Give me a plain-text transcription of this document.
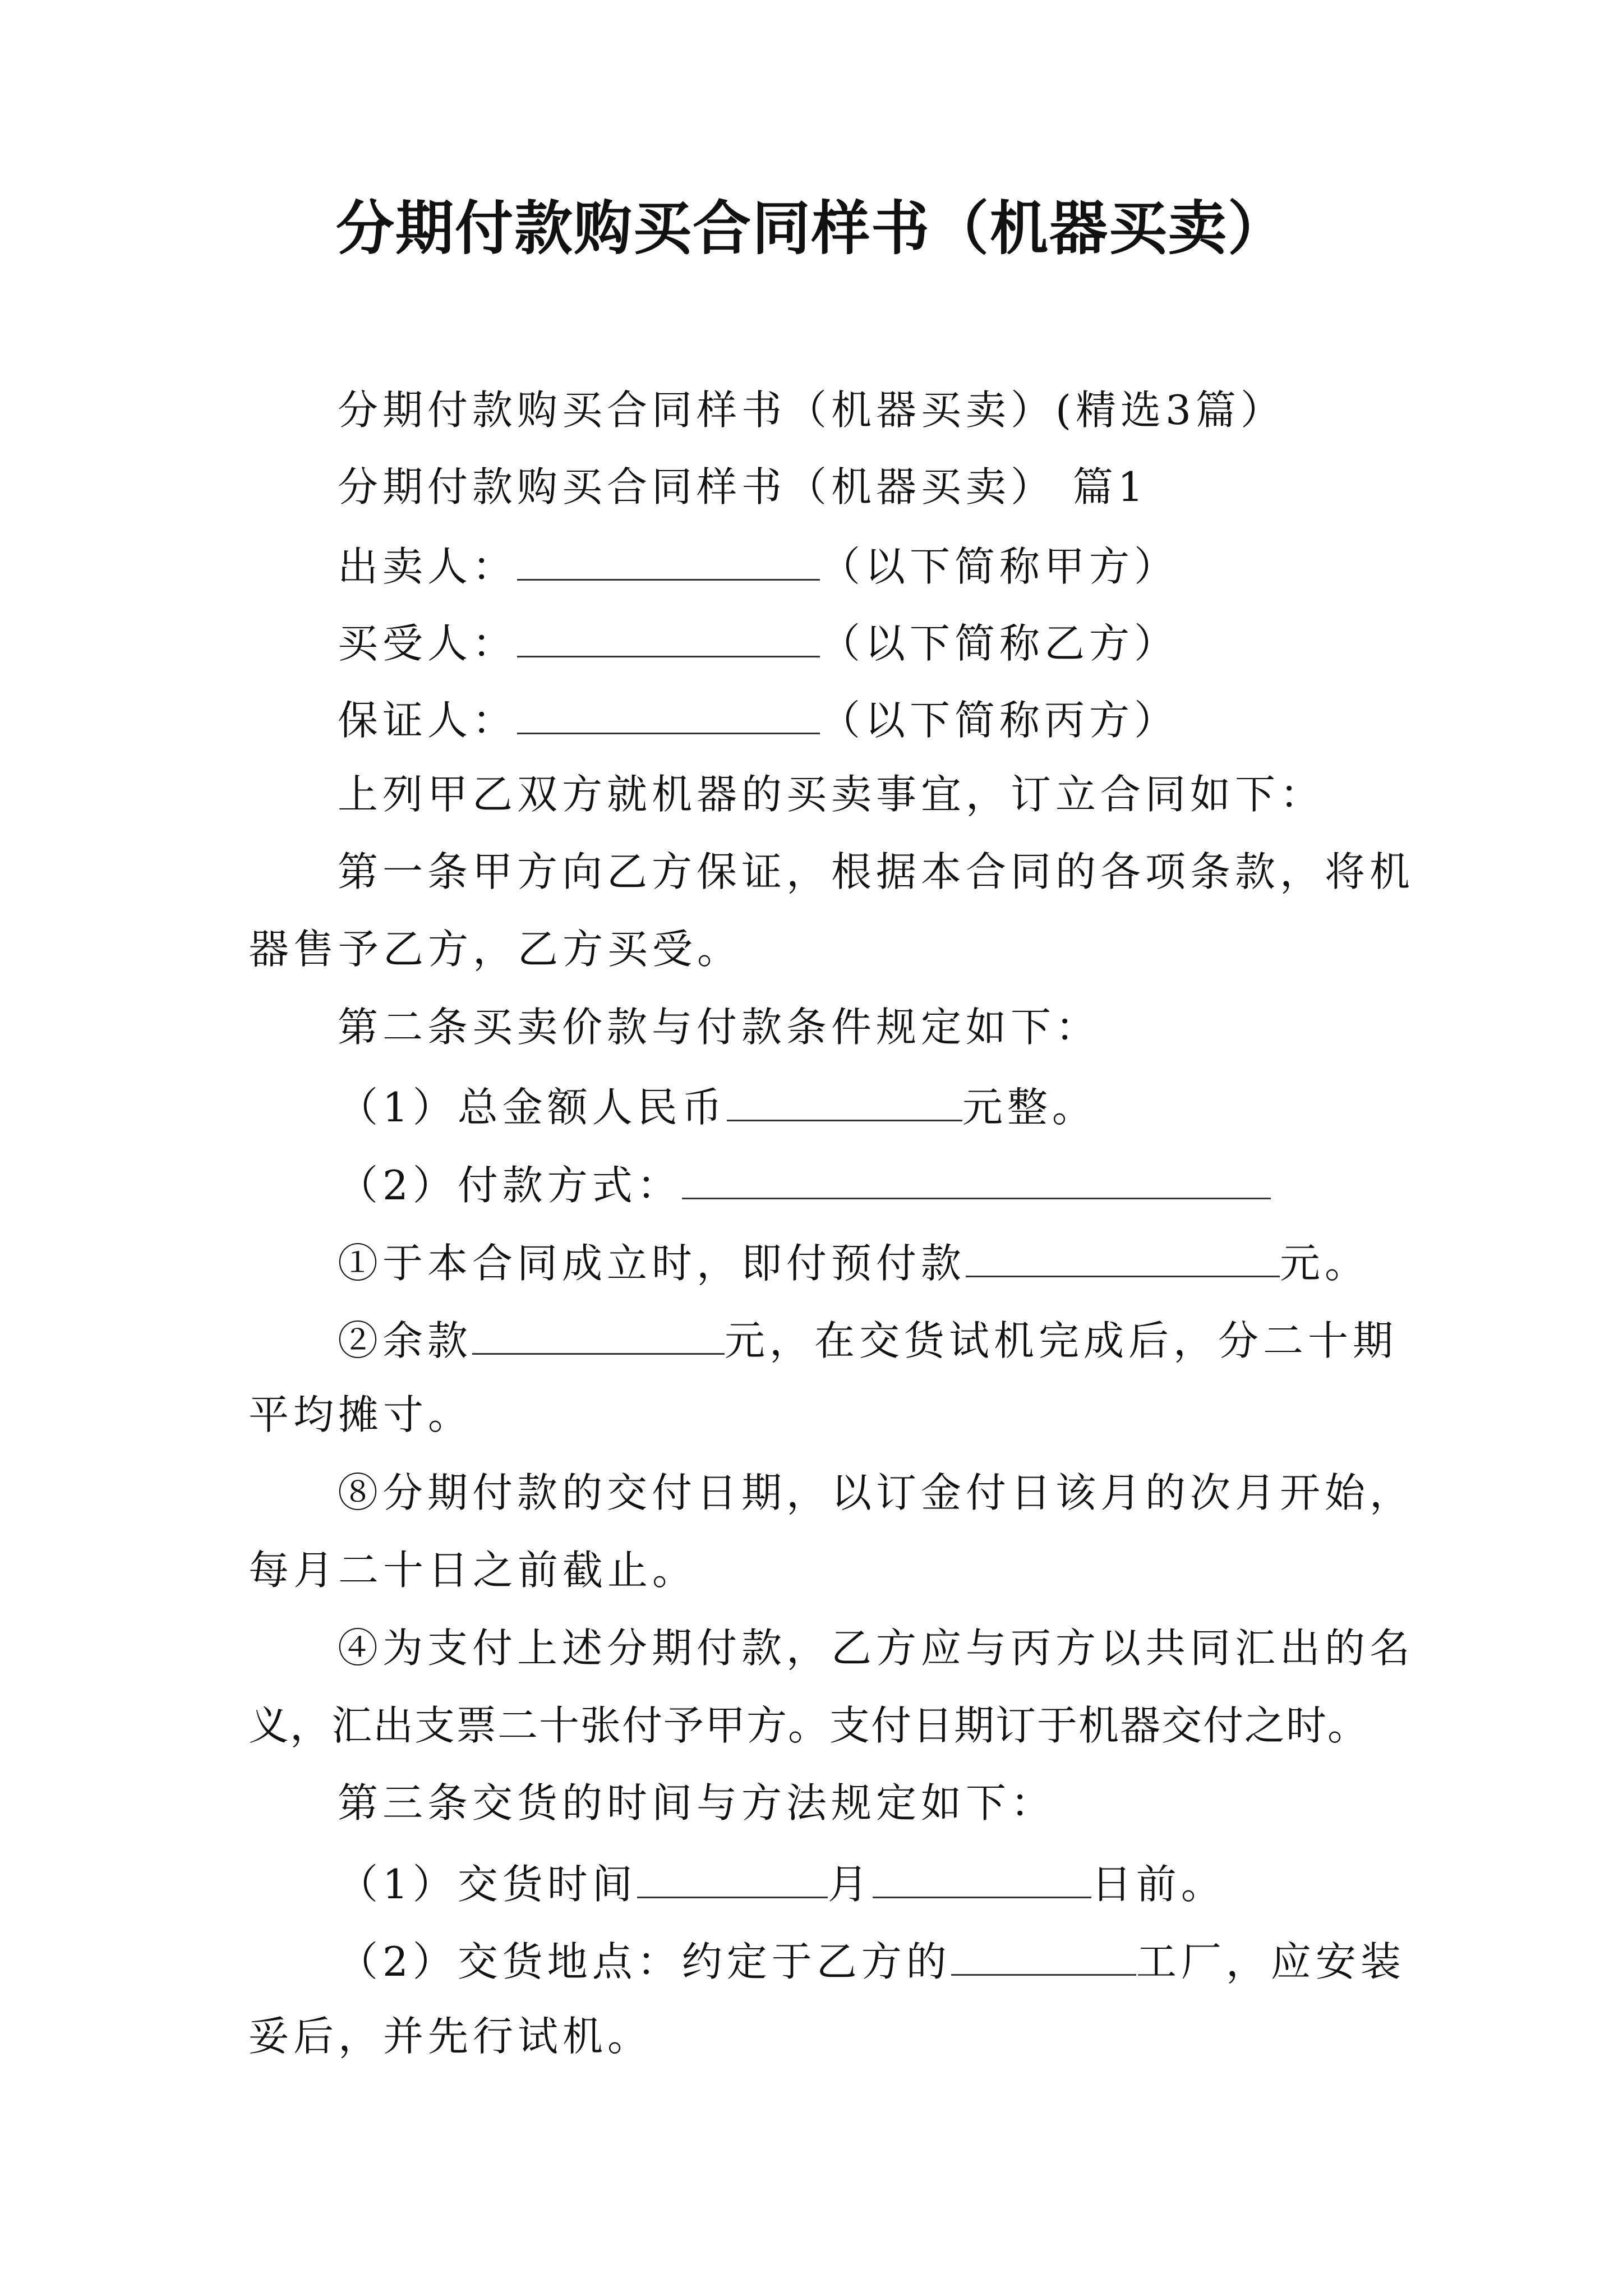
分期付款购买合同样书（机器买卖）
分期付款购买合同样书（机器买卖）(精选3篇）
分期付款购买合同样书（机器买卖） 篇1
出卖人：	（以下简称甲方）
买受人：	（以下简称乙方）
保证人：	（以下简称丙方）
上列甲乙双方就机器的买卖事宜，订立合同如下：
第一条甲方向乙方保证，根据本合同的各项条款，将机
器售予乙方，乙方买受。
第二条买卖价款与付款条件规定如下：
（1）总金额人民币	元整。
（2）付款方式：
①于本合同成立时，即付预付款	元。
②余款	元，在交货试机完成后，分二十期
平均摊寸。
⑧分期付款的交付日期，以订金付日该月的次月开始，
每月二十日之前截止。
④为支付上述分期付款，乙方应与丙方以共同汇出的名
义，汇出支票二十张付予甲方。支付日期订于机器交付之时。
第三条交货的时间与方法规定如下：
（1）交货时间	月	日前。
（2）交货地点：约定于乙方的	工厂，应安装
妥后，并先行试机。
